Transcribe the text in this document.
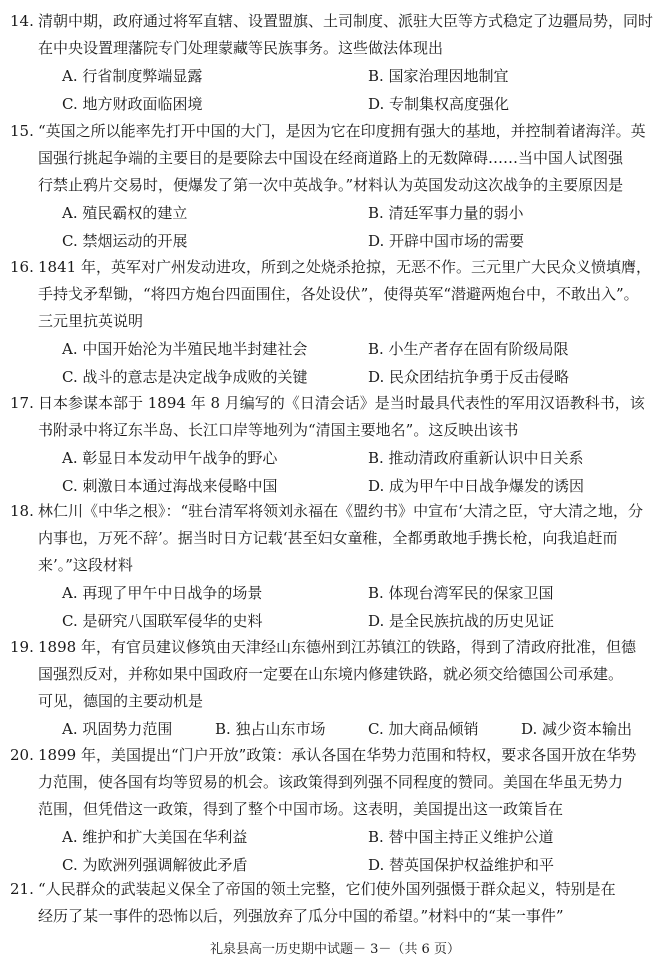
14. 清朝中期，政府通过将军直辖、设置盟旗、土司制度、派驻大臣等方式稳定了边疆局势，同时
在中央设置理藩院专门处理蒙藏等民族事务。这些做法体现出
A. 行省制度弊端显露	B. 国家治理因地制宜
C. 地方财政面临困境	D. 专制集权高度强化
15. “英国之所以能率先打开中国的大门，是因为它在印度拥有强大的基地，并控制着诸海洋。英
国强行挑起争端的主要目的是要除去中国设在经商道路上的无数障碍……当中国人试图强
行禁止鸦片交易时，便爆发了第一次中英战争。”材料认为英国发动这次战争的主要原因是
A. 殖民霸权的建立	B. 清廷军事力量的弱小
C. 禁烟运动的开展	D. 开辟中国市场的需要
16. 1841 年，英军对广州发动进攻，所到之处烧杀抢掠，无恶不作。三元里广大民众义愤填膺，
手持戈矛犁锄，“将四方炮台四面围住，各处设伏”，使得英军“潜避两炮台中，不敢出入”。
三元里抗英说明
A. 中国开始沦为半殖民地半封建社会	B. 小生产者存在固有阶级局限
C. 战斗的意志是决定战争成败的关键	D. 民众团结抗争勇于反击侵略
17. 日本参谋本部于 1894 年 8 月编写的《日清会话》是当时最具代表性的军用汉语教科书，该
书附录中将辽东半岛、长江口岸等地列为“清国主要地名”。这反映出该书
A. 彰显日本发动甲午战争的野心	B. 推动清政府重新认识中日关系
C. 刺激日本通过海战来侵略中国	D. 成为甲午中日战争爆发的诱因
18. 林仁川《中华之根》：“驻台清军将领刘永福在《盟约书》中宣布‘大清之臣，守大清之地，分
内事也，万死不辞’。据当时日方记载‘甚至妇女童稚，全都勇敢地手携长枪，向我追赶而
来’。”这段材料
A. 再现了甲午中日战争的场景	B. 体现台湾军民的保家卫国
C. 是研究八国联军侵华的史料	D. 是全民族抗战的历史见证
19. 1898 年，有官员建议修筑由天津经山东德州到江苏镇江的铁路，得到了清政府批准，但德
国强烈反对，并称如果中国政府一定要在山东境内修建铁路，就必须交给德国公司承建。
可见，德国的主要动机是
A. 巩固势力范围	B. 独占山东市场	C. 加大商品倾销	D. 减少资本输出
20. 1899 年，美国提出“门户开放”政策：承认各国在华势力范围和特权，要求各国开放在华势
力范围，使各国有均等贸易的机会。该政策得到列强不同程度的赞同。美国在华虽无势力
范围，但凭借这一政策，得到了整个中国市场。这表明，美国提出这一政策旨在
A. 维护和扩大美国在华利益	B. 替中国主持正义维护公道
C. 为欧洲列强调解彼此矛盾	D. 替英国保护权益维护和平
21. “人民群众的武装起义保全了帝国的领土完整，它们使外国列强慑于群众起义，特别是在
经历了某一事件的恐怖以后，列强放弃了瓜分中国的希望。”材料中的“某一事件”
礼泉县高一历史期中试题－ 3－（共 6 页）
